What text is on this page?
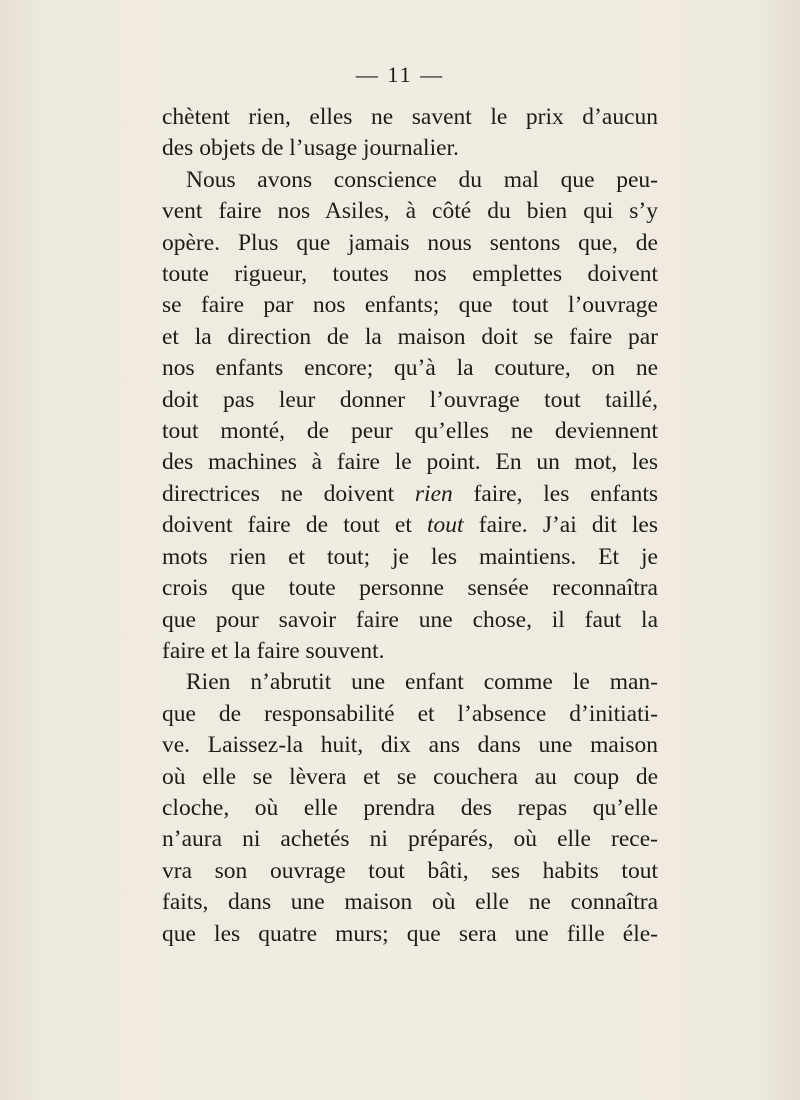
— 11 —
chètent rien, elles ne savent le prix d’aucun
des objets de l’usage journalier.
Nous avons conscience du mal que peu-
vent faire nos Asiles, à côté du bien qui s’y
opère. Plus que jamais nous sentons que, de
toute rigueur, toutes nos emplettes doivent
se faire par nos enfants; que tout l’ouvrage
et la direction de la maison doit se faire par
nos enfants encore; qu’à la couture, on ne
doit pas leur donner l’ouvrage tout taillé,
tout monté, de peur qu’elles ne deviennent
des machines à faire le point. En un mot, les
directrices ne doivent rien faire, les enfants
doivent faire de tout et tout faire. J’ai dit les
mots rien et tout; je les maintiens. Et je
crois que toute personne sensée reconnaîtra
que pour savoir faire une chose, il faut la
faire et la faire souvent.
Rien n’abrutit une enfant comme le man-
que de responsabilité et l’absence d’initiati-
ve. Laissez-la huit, dix ans dans une maison
où elle se lèvera et se couchera au coup de
cloche, où elle prendra des repas qu’elle
n’aura ni achetés ni préparés, où elle rece-
vra son ouvrage tout bâti, ses habits tout
faits, dans une maison où elle ne connaîtra
que les quatre murs; que sera une fille éle-
